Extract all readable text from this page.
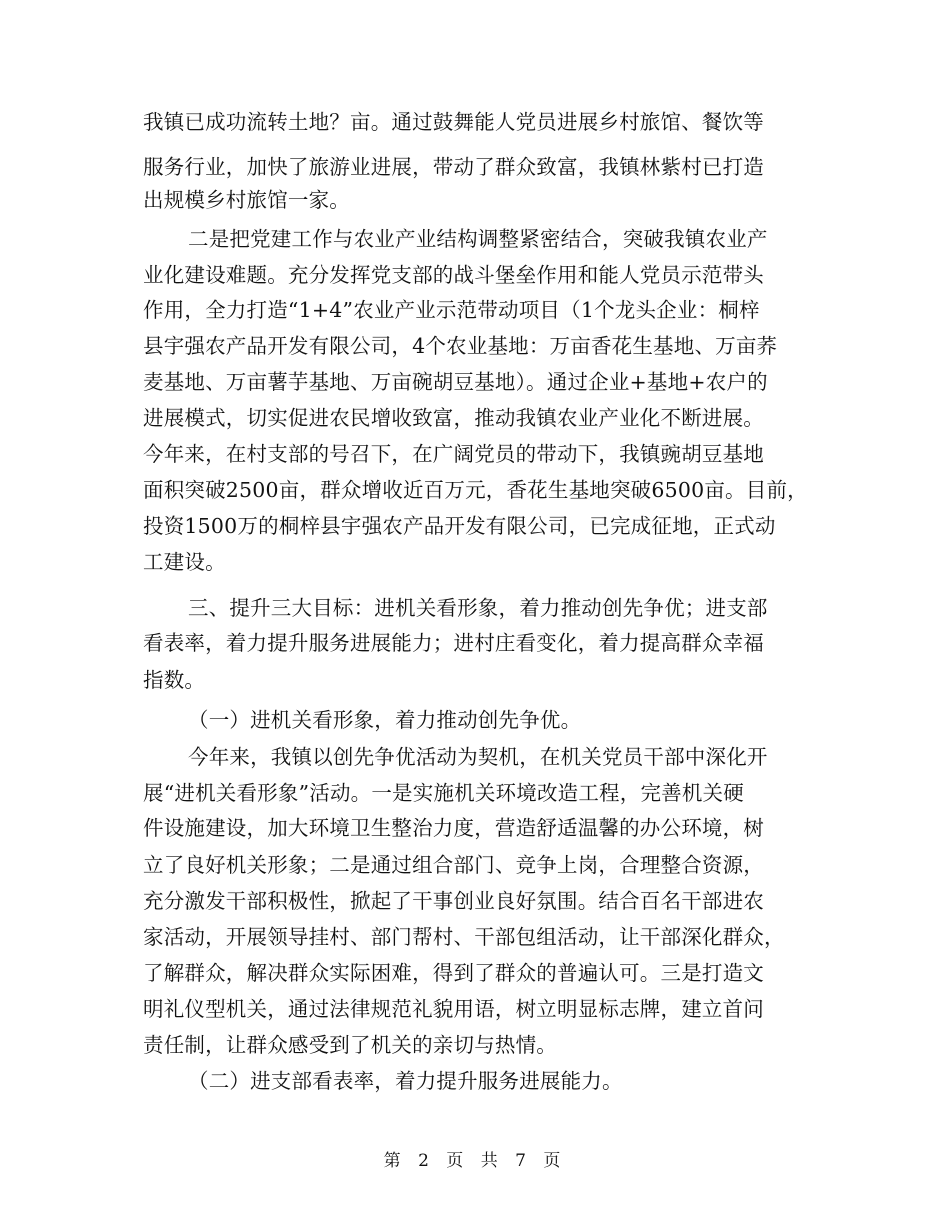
我镇已成功流转土地？亩。通过鼓舞能人党员进展乡村旅馆、餐饮等
服务行业，加快了旅游业进展，带动了群众致富，我镇林紫村已打造
出规模乡村旅馆一家。
二是把党建工作与农业产业结构调整紧密结合，突破我镇农业产
业化建设难题。充分发挥党支部的战斗堡垒作用和能人党员示范带头
作用，全力打造“1+4”农业产业示范带动项目（1个龙头企业：桐梓
县宇强农产品开发有限公司，4个农业基地：万亩香花生基地、万亩荞
麦基地、万亩薯芋基地、万亩碗胡豆基地）。通过企业+基地+农户的
进展模式，切实促进农民增收致富，推动我镇农业产业化不断进展。
今年来，在村支部的号召下，在广阔党员的带动下，我镇豌胡豆基地
面积突破2500亩，群众增收近百万元，香花生基地突破6500亩。目前，
投资1500万的桐梓县宇强农产品开发有限公司，已完成征地，正式动
工建设。
三、提升三大目标：进机关看形象，着力推动创先争优；进支部
看表率，着力提升服务进展能力；进村庄看变化，着力提高群众幸福
指数。
（一）进机关看形象，着力推动创先争优。
今年来，我镇以创先争优活动为契机，在机关党员干部中深化开
展“进机关看形象”活动。一是实施机关环境改造工程，完善机关硬
件设施建设，加大环境卫生整治力度，营造舒适温馨的办公环境，树
立了良好机关形象；二是通过组合部门、竞争上岗，合理整合资源，
充分激发干部积极性，掀起了干事创业良好氛围。结合百名干部进农
家活动，开展领导挂村、部门帮村、干部包组活动，让干部深化群众，
了解群众，解决群众实际困难，得到了群众的普遍认可。三是打造文
明礼仪型机关，通过法律规范礼貌用语，树立明显标志牌，建立首问
责任制，让群众感受到了机关的亲切与热情。
（二）进支部看表率，着力提升服务进展能力。
第 2 页 共 7 页
